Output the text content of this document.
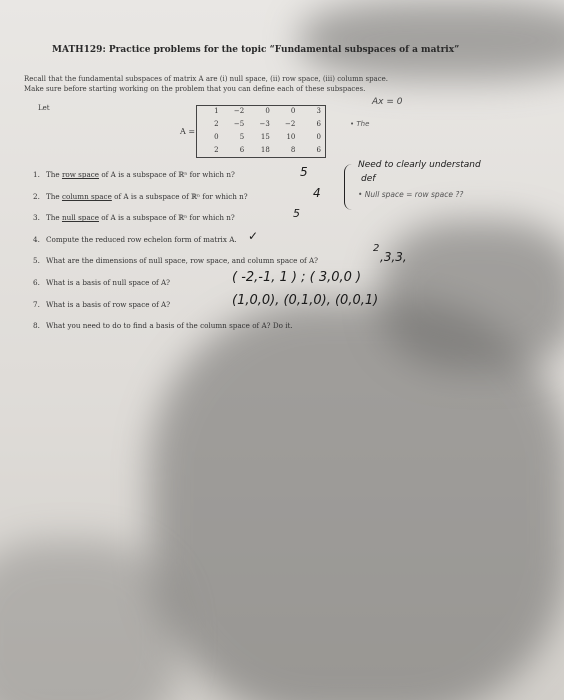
MATH129: Practice problems for the topic “Fundamental subspaces of a matrix”
Recall that the fundamental subspaces of matrix A are (i) null space, (ii) row space, (iii) column space.
Make sure before starting working on the problem that you can define each of these subspaces.
Let
A =
1	−2	0	0	3
2	−5	−3	−2	6
0	5	15	10	0
2	6	18	8	6
1. The row space of A is a subspace of ℝⁿ for which n?
2. The column space of A is a subspace of ℝⁿ for which n?
3. The null space of A is a subspace of ℝⁿ for which n?
4. Compute the reduced row echelon form of matrix A.
5. What are the dimensions of null space, row space, and column space of A?
6. What is a basis of null space of A?
7. What is a basis of row space of A?
8. What you need to do to find a basis of the column space of A? Do it.
Ax = 0
• The
5
4
5
✓
2
,3,3,
( -2,-1, 1 ) ; ( 3,0,0 )
(1,0,0), (0,1,0), (0,0,1)
Need to clearly understand
def
• Null space = row space ??
